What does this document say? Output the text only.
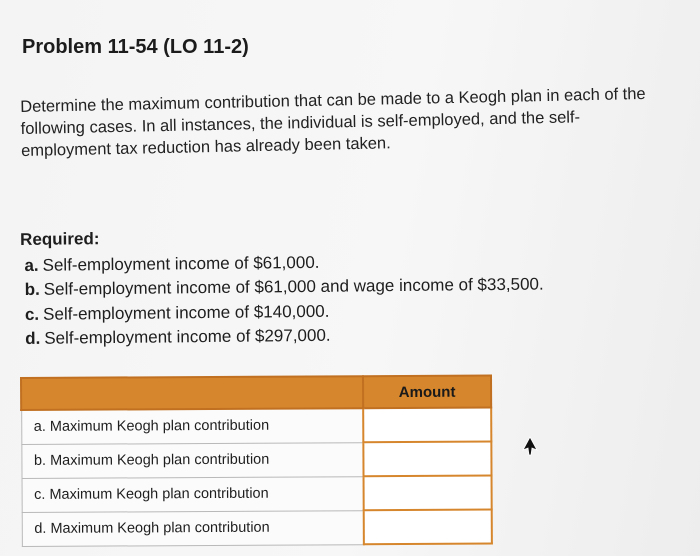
Problem 11-54 (LO 11-2)
Determine the maximum contribution that can be made to a Keogh plan in each of the following cases. In all instances, the individual is self-employed, and the self-employment tax reduction has already been taken.
Required:
a. Self-employment income of $61,000.
b. Self-employment income of $61,000 and wage income of $33,500.
c. Self-employment income of $140,000.
d. Self-employment income of $297,000.
	Amount
a. Maximum Keogh plan contribution	
b. Maximum Keogh plan contribution	
c. Maximum Keogh plan contribution	
d. Maximum Keogh plan contribution	
